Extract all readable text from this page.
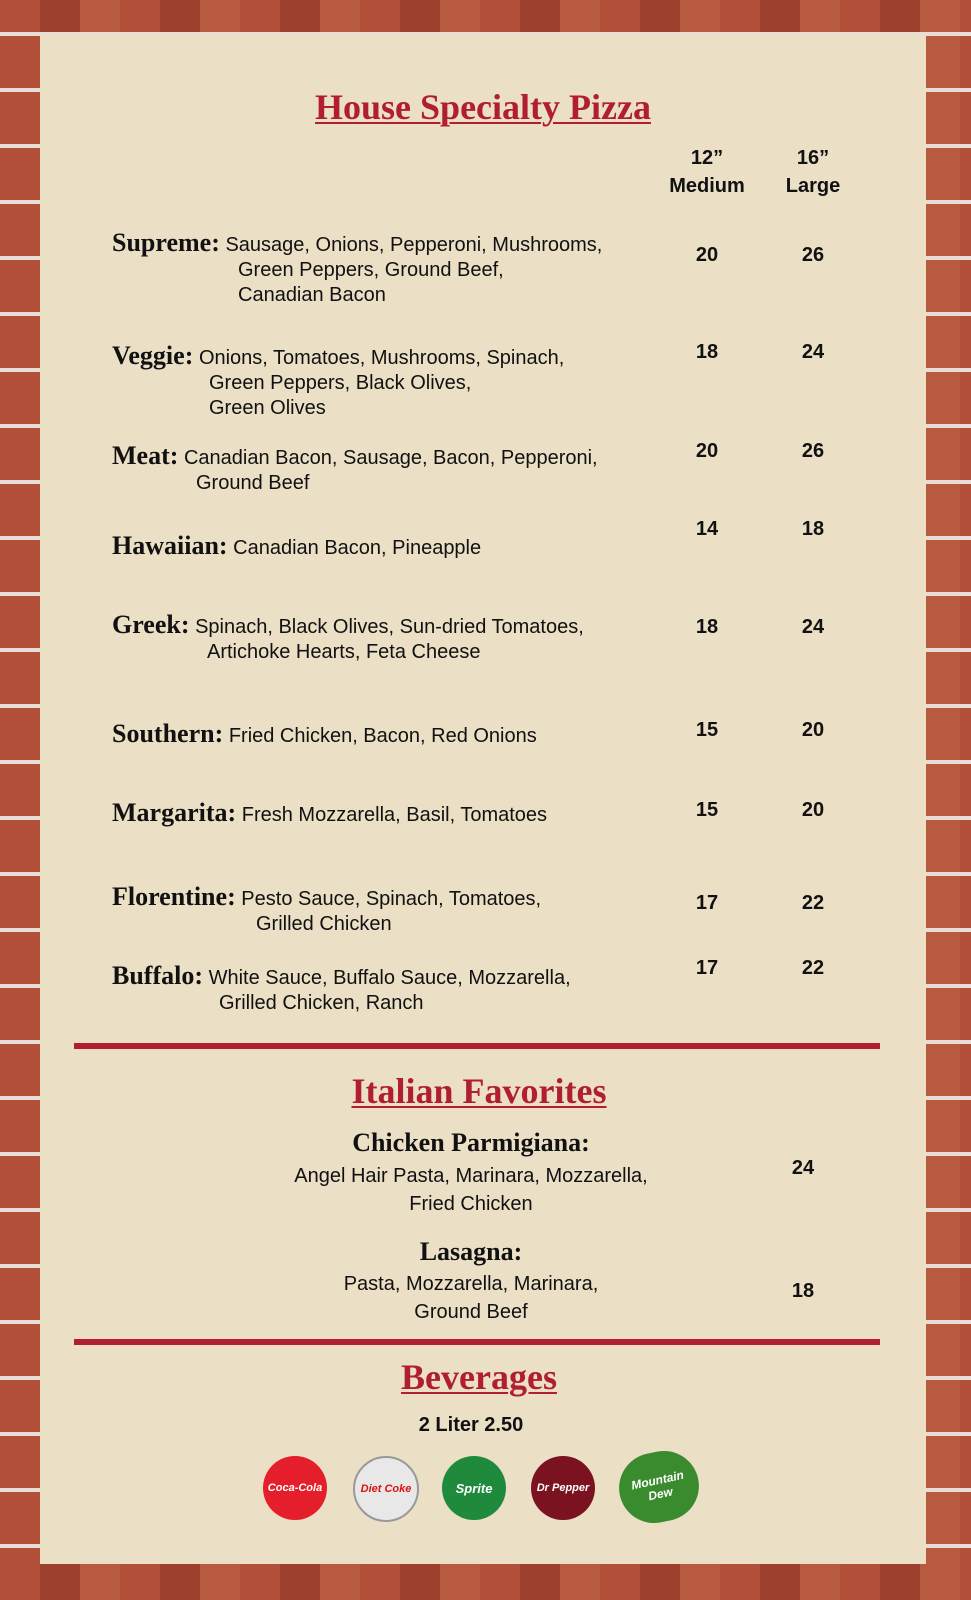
House Specialty Pizza
12”
Medium
16”
Large
Supreme: Sausage, Onions, Pepperoni, Mushrooms,
Green Peppers, Ground Beef,
Canadian Bacon
20	26
Veggie: Onions, Tomatoes, Mushrooms, Spinach,
Green Peppers, Black Olives,
Green Olives
18	24
Meat: Canadian Bacon, Sausage, Bacon, Pepperoni,
Ground Beef
20	26
Hawaiian: Canadian Bacon, Pineapple
14	18
Greek: Spinach, Black Olives, Sun-dried Tomatoes,
Artichoke Hearts, Feta Cheese
18	24
Southern: Fried Chicken, Bacon, Red Onions	15	20
Margarita: Fresh Mozzarella, Basil, Tomatoes	15	20
Florentine: Pesto Sauce, Spinach, Tomatoes,
Grilled Chicken
17	22
Buffalo: White Sauce, Buffalo Sauce, Mozzarella,
Grilled Chicken, Ranch
17	22
Italian Favorites
Chicken Parmigiana:
Angel Hair Pasta, Marinara, Mozzarella,
Fried Chicken
24
Lasagna:
Pasta, Mozzarella, Marinara,
Ground Beef
18
Beverages
2 Liter 2.50
Coca-Cola	Diet Coke	Sprite	Dr Pepper	Mountain Dew
